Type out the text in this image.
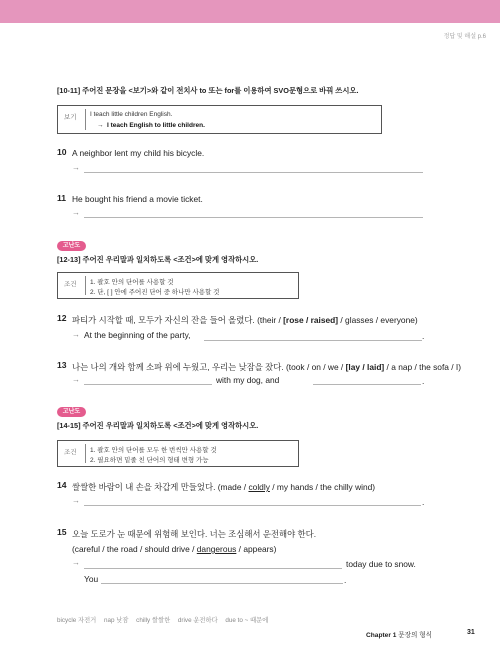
정답 및 해설 p.6
[10-11] 주어진 문장을 <보기>와 같이 전치사 to 또는 for를 이용하여 SVO문형으로 바꿔 쓰시오.
보기 I teach little children English.
→ I teach English to little children.
10 A neighbor lent my child his bicycle.
→
11 He bought his friend a movie ticket.
→
고난도
[12-13] 주어진 우리말과 일치하도록 <조건>에 맞게 영작하시오.
조건 1. 괄호 안의 단어를 사용할 것
2. 단, [ ] 안에 주어진 단어 중 하나만 사용할 것
12 파티가 시작할 때, 모두가 자신의 잔을 들어 올렸다. (their / [rose / raised] / glasses / everyone)
→ At the beginning of the party,	.
13 나는 나의 개와 함께 소파 위에 누웠고, 우리는 낮잠을 잤다. (took / on / we / [lay / laid] / a nap / the sofa / I)
→	with my dog, and	.
고난도
[14-15] 주어진 우리말과 일치하도록 <조건>에 맞게 영작하시오.
조건 1. 괄호 안의 단어를 모두 한 번씩만 사용할 것
2. 필요하면 밑줄 친 단어의 형태 변형 가능
14 쌀쌀한 바람이 내 손을 차갑게 만들었다. (made / coldly / my hands / the chilly wind)
→	.
15 오늘 도로가 눈 때문에 위험해 보인다. 너는 조심해서 운전해야 한다.
(careful / the road / should drive / dangerous / appears)
→	today due to snow.
You	.
bicycle 자전거 nap 낮잠 chilly 쌀쌀한 drive 운전하다 due to ~ 때문에
Chapter 1 문장의 형식	31
